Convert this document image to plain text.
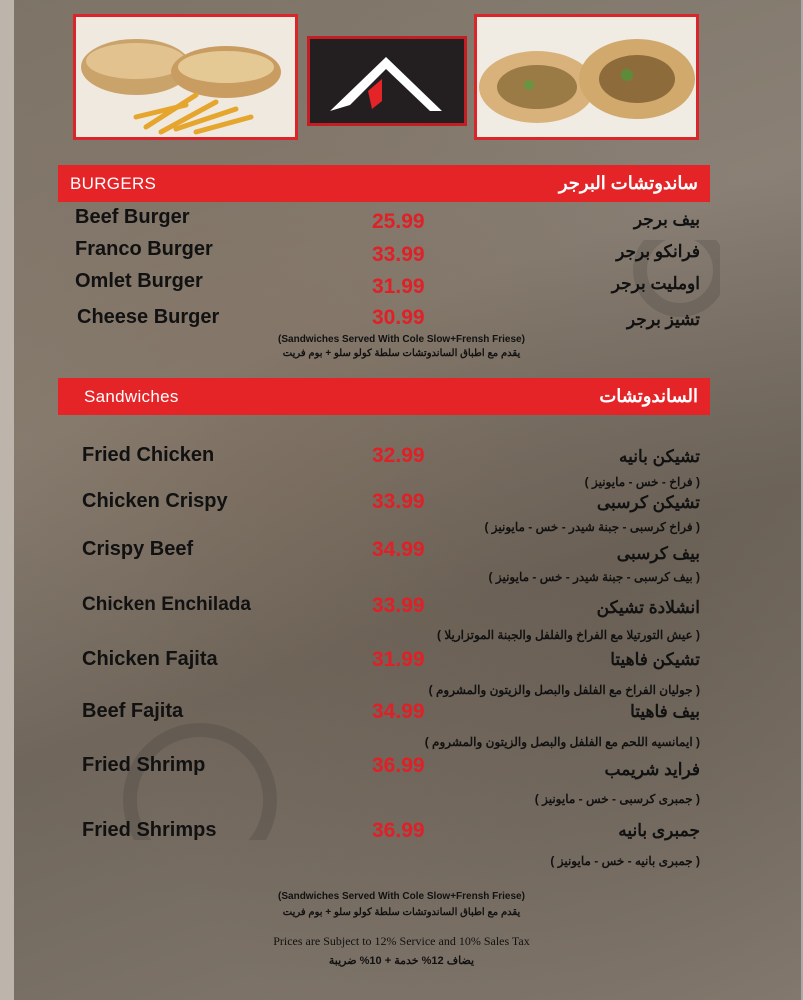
BURGERS	ساندوتشات البرجر
Beef Burger	25.99	بيف برجر
Franco Burger	33.99	فرانكو برجر
Omlet Burger	31.99	اومليت برجر
Cheese Burger	30.99	تشيز برجر
(Sandwiches Served With Cole Slow+Frensh Friese)
يقدم مع اطباق الساندوتشات سلطة كولو سلو + بوم فريت
Sandwiches	الساندوتشات
Fried Chicken	32.99	تشيكن بانيه
( فراخ - خس - مايونيز )
Chicken Crispy	33.99	تشيكن كرسبى
( فراخ كرسبى - جبنة شيدر - خس - مايونيز )
Crispy Beef	34.99	بيف كرسبى
( بيف كرسبى - جبنة شيدر - خس - مايونيز )
Chicken Enchilada	33.99	انشلادة تشيكن
( عيش التورتيلا مع الفراخ والفلفل والجبنة الموتزاريلا )
Chicken Fajita	31.99	تشيكن فاهيتا
( جوليان الفراخ مع الفلفل والبصل والزيتون والمشروم )
Beef Fajita	34.99	بيف فاهيتا
( ايمانسيه اللحم مع الفلفل والبصل والزيتون والمشروم )
Fried Shrimp	36.99	فرايد شريمب
( جمبرى كرسبى - خس - مايونيز )
Fried Shrimps	36.99	جمبرى بانيه
( جمبرى بانيه - خس - مايونيز )
(Sandwiches Served With Cole Slow+Frensh Friese)
يقدم مع اطباق الساندوتشات سلطة كولو سلو + بوم فريت
Prices are Subject to 12% Service and 10% Sales Tax
يضاف 12% خدمة + 10% ضريبة
